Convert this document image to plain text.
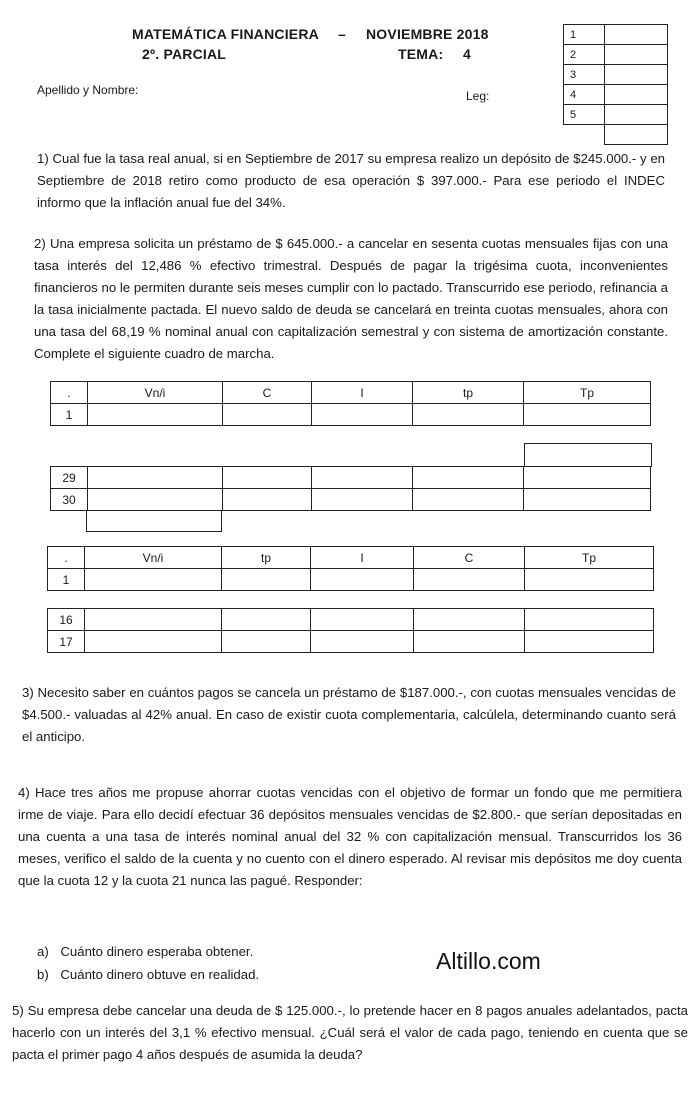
MATEMÁTICA FINANCIERA – NOVIEMBRE 2018
2º. PARCIAL	TEMA: 4
Apellido y Nombre:	Leg:
1	
2	
3	
4	
5	

1) Cual fue la tasa real anual, si en Septiembre de 2017 su empresa realizo un depósito de $245.000.- y en Septiembre de 2018 retiro como producto de esa operación $ 397.000.- Para ese periodo el INDEC informo que la inflación anual fue del 34%.
2) Una empresa solicita un préstamo de $ 645.000.- a cancelar en sesenta cuotas mensuales fijas con una tasa interés del 12,486 % efectivo trimestral. Después de pagar la trigésima cuota, inconvenientes financieros no le permiten durante seis meses cumplir con lo pactado. Transcurrido ese periodo, refinancia a la tasa inicialmente pactada. El nuevo saldo de deuda se cancelará en treinta cuotas mensuales, ahora con una tasa del 68,19 % nominal anual con capitalización semestral y con sistema de amortización constante. Complete el siguiente cuadro de marcha.
.	Vn/i	C	I	tp	Tp
1					
29					
30					
.	Vn/i	tp	I	C	Tp
1					
16					
17					
3) Necesito saber en cuántos pagos se cancela un préstamo de $187.000.-, con cuotas mensuales vencidas de $4.500.- valuadas al 42% anual. En caso de existir cuota complementaria, calcúlela, determinando cuanto será el anticipo.
4) Hace tres años me propuse ahorrar cuotas vencidas con el objetivo de formar un fondo que me permitiera irme de viaje. Para ello decidí efectuar 36 depósitos mensuales vencidas de $2.800.- que serían depositadas en una cuenta a una tasa de interés nominal anual del 32 % con capitalización mensual. Transcurridos los 36 meses, verifico el saldo de la cuenta y no cuento con el dinero esperado. Al revisar mis depósitos me doy cuenta que la cuota 12 y la cuota 21 nunca las pagué. Responder:
a) Cuánto dinero esperaba obtener.
b) Cuánto dinero obtuve en realidad.
Altillo.com
5) Su empresa debe cancelar una deuda de $ 125.000.-, lo pretende hacer en 8 pagos anuales adelantados, pacta hacerlo con un interés del 3,1 % efectivo mensual. ¿Cuál será el valor de cada pago, teniendo en cuenta que se pacta el primer pago 4 años después de asumida la deuda?
